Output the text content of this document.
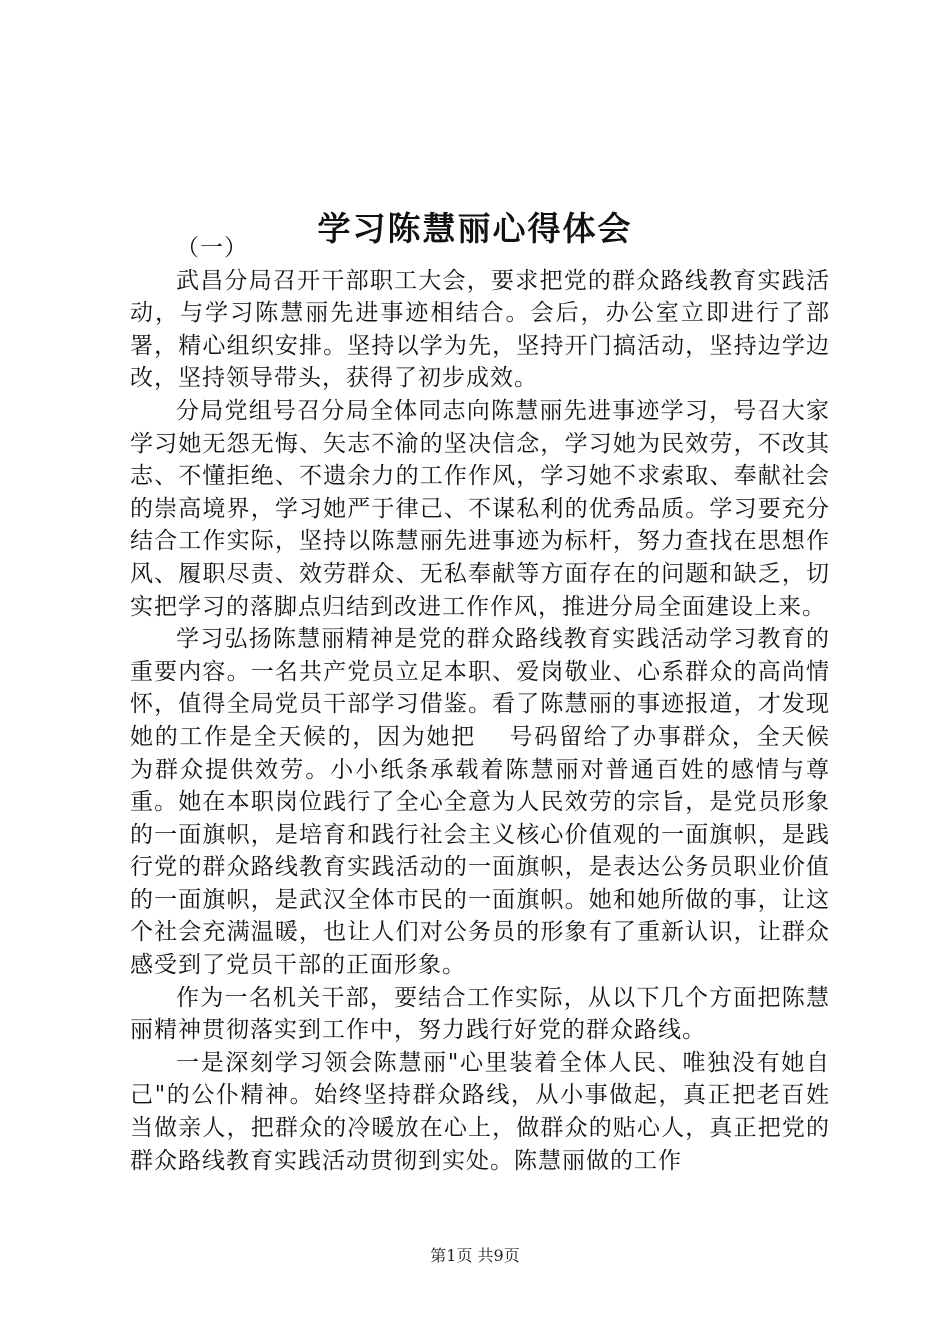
学习陈慧丽心得体会

（一）

武昌分局召开干部职工大会，要求把党的群众路线教育实践活动，与学习陈慧丽先进事迹相结合。会后，办公室立即进行了部署，精心组织安排。坚持以学为先，坚持开门搞活动，坚持边学边改，坚持领导带头，获得了初步成效。

分局党组号召分局全体同志向陈慧丽先进事迹学习，号召大家学习她无怨无悔、矢志不渝的坚决信念，学习她为民效劳，不改其志、不懂拒绝、不遗余力的工作作风，学习她不求索取、奉献社会的崇高境界，学习她严于律己、不谋私利的优秀品质。学习要充分结合工作实际，坚持以陈慧丽先进事迹为标杆，努力查找在思想作风、履职尽责、效劳群众、无私奉献等方面存在的问题和缺乏，切实把学习的落脚点归结到改进工作作风，推进分局全面建设上来。

学习弘扬陈慧丽精神是党的群众路线教育实践活动学习教育的重要内容。一名共产党员立足本职、爱岗敬业、心系群众的高尚情怀，值得全局党员干部学习借鉴。看了陈慧丽的事迹报道，才发现她的工作是全天候的，因为她把　 号码留给了办事群众，全天候为群众提供效劳。小小纸条承载着陈慧丽对普通百姓的感情与尊重。她在本职岗位践行了全心全意为人民效劳的宗旨，是党员形象的一面旗帜，是培育和践行社会主义核心价值观的一面旗帜，是践行党的群众路线教育实践活动的一面旗帜，是表达公务员职业价值的一面旗帜，是武汉全体市民的一面旗帜。她和她所做的事，让这个社会充满温暖，也让人们对公务员的形象有了重新认识，让群众感受到了党员干部的正面形象。

作为一名机关干部，要结合工作实际，从以下几个方面把陈慧丽精神贯彻落实到工作中，努力践行好党的群众路线。

一是深刻学习领会陈慧丽"心里装着全体人民、唯独没有她自己"的公仆精神。始终坚持群众路线，从小事做起，真正把老百姓当做亲人，把群众的冷暖放在心上，做群众的贴心人，真正把党的群众路线教育实践活动贯彻到实处。陈慧丽做的工作

第1页 共9页
